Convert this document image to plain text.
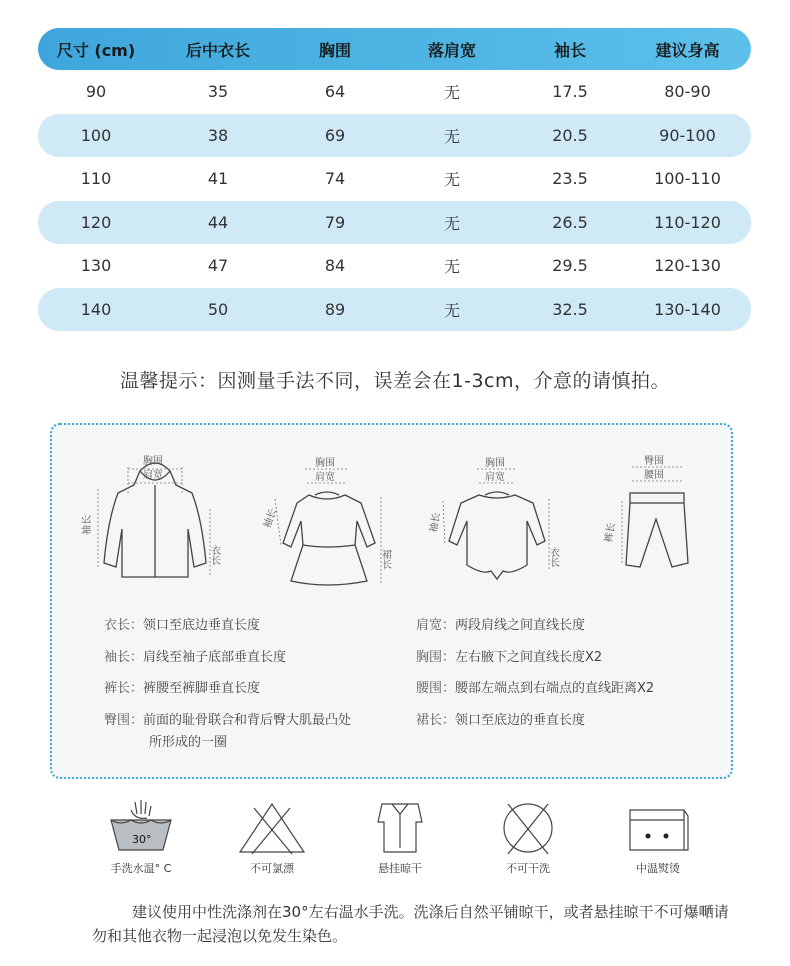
尺寸 (cm)	后中衣长	胸围	落肩宽	袖长	建议身高
90	35	64	无	17.5	80-90
100	38	69	无	20.5	90-100
110	41	74	无	23.5	100-110
120	44	79	无	26.5	110-120
130	47	84	无	29.5	120-130
140	50	89	无	32.5	130-140
温馨提示：因测量手法不同，误差会在1-3cm，介意的请慎拍。
胸围
肩宽
袖长
衣长
胸围
肩宽
袖长
裙长
胸围
肩宽
袖长
衣长
臀围
腰围
裤长
衣长：领口至底边垂直长度	肩宽：两段肩线之间直线长度
袖长：肩线至袖子底部垂直长度	胸围：左右腋下之间直线长度X2
裤长：裤腰至裤脚垂直长度	腰围：腰部左端点到右端点的直线距离X2
臀围：前面的耻骨联合和背后臀大肌最凸处
所形成的一圈
裙长：领口至底边的垂直长度
30°
手洗水温° C	不可氯漂	悬挂晾干	不可干洗	中温熨烫
建议使用中性洗涤剂在30°左右温水手洗。洗涤后自然平铺晾干，或者悬挂晾干不可爆嗮请勿和其他衣物一起浸泡以免发生染色。
